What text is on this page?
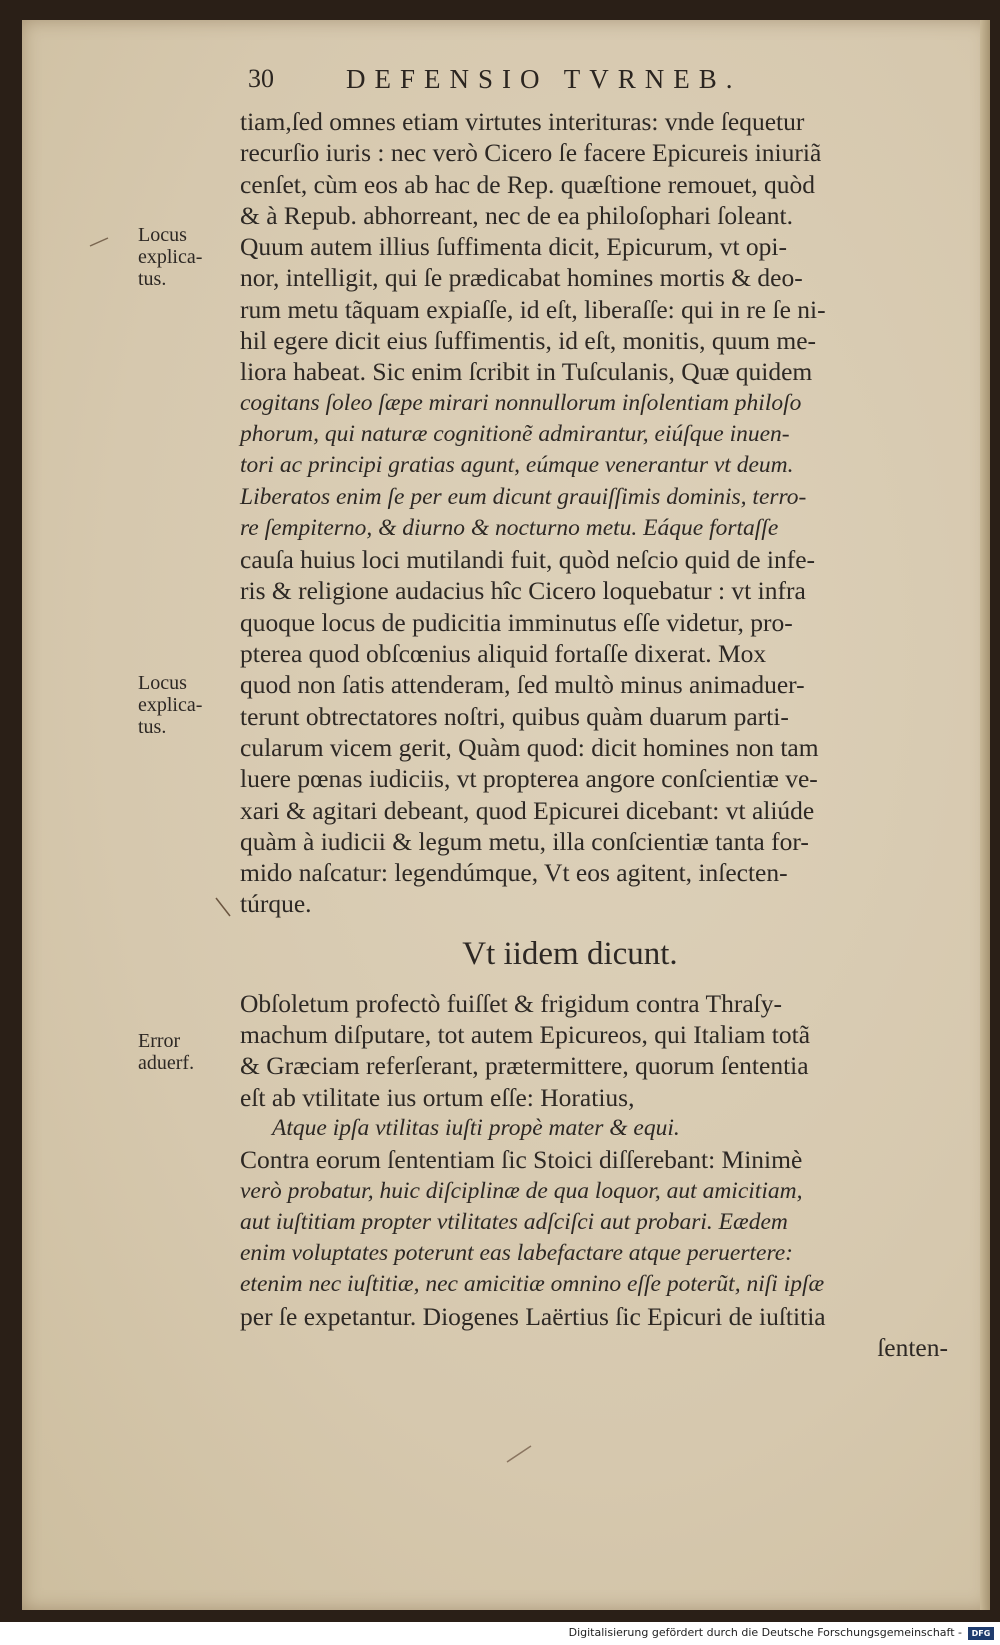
30	DEFENSIO TVRNEB.
Locus
explica-
tus.
Locus
explica-
tus.
Error
aduerf.
tiam,ſed omnes etiam virtutes interituras: vnde ſequetur
recurſio iuris : nec verò Cicero ſe facere Epicureis iniuriã
cenſet, cùm eos ab hac de Rep. quæſtione remouet, quòd
& à Repub. abhorreant, nec de ea philoſophari ſoleant.
Quum autem illius ſuffimenta dicit, Epicurum, vt opi-
nor, intelligit, qui ſe prædicabat homines mortis & deo-
rum metu tãquam expiaſſe, id eſt, liberaſſe: qui in re ſe ni-
hil egere dicit eius ſuffimentis, id eſt, monitis, quum me-
liora habeat. Sic enim ſcribit in Tuſculanis, Quæ quidem
cogitans ſoleo ſæpe mirari nonnullorum inſolentiam philoſo
phorum, qui naturæ cognitionẽ admirantur, eiúſque inuen-
tori ac principi gratias agunt, eúmque venerantur vt deum.
Liberatos enim ſe per eum dicunt grauiſſimis dominis, terro-
re ſempiterno, & diurno & nocturno metu. Eáque fortaſſe
cauſa huius loci mutilandi fuit, quòd neſcio quid de infe-
ris & religione audacius hîc Cicero loquebatur : vt infra
quoque locus de pudicitia imminutus eſſe videtur, pro-
pterea quod obſcœnius aliquid fortaſſe dixerat. Mox
quod non ſatis attenderam, ſed multò minus animaduer-
terunt obtrectatores noſtri, quibus quàm duarum parti-
cularum vicem gerit, Quàm quod: dicit homines non tam
luere pœnas iudiciis, vt propterea angore conſcientiæ ve-
xari & agitari debeant, quod Epicurei dicebant: vt aliúde
quàm à iudicii & legum metu, illa conſcientiæ tanta for-
mido naſcatur: legendúmque, Vt eos agitent, inſecten-
túrque.
Vt iidem dicunt.
Obſoletum profectò fuiſſet & frigidum contra Thraſy-
machum diſputare, tot autem Epicureos, qui Italiam totã
& Græciam referſerant, prætermittere, quorum ſententia
eſt ab vtilitate ius ortum eſſe: Horatius,
Atque ipſa vtilitas iuſti propè mater & equi.
Contra eorum ſententiam ſic Stoici diſſerebant: Minimè
verò probatur, huic diſciplinæ de qua loquor, aut amicitiam,
aut iuſtitiam propter vtilitates adſciſci aut probari. Eædem
enim voluptates poterunt eas labefactare atque peruertere:
etenim nec iuſtitiæ, nec amicitiæ omnino eſſe poterũt, niſi ipſæ
per ſe expetantur. Diogenes Laërtius ſic Epicuri de iuſtitia
ſenten-
Digitalisierung gefördert durch die Deutsche Forschungsgemeinschaft -	DFG
